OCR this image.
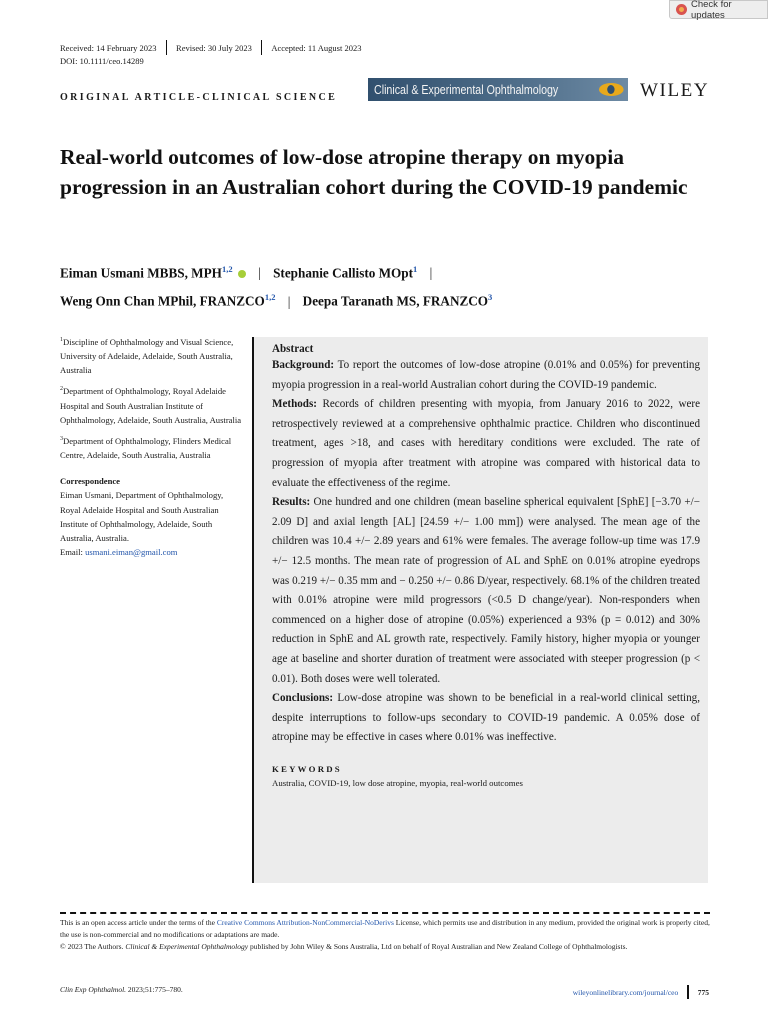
Check for updates
Received: 14 February 2023 Revised: 30 July 2023 Accepted: 11 August 2023
DOI: 10.1111/ceo.14289
ORIGINAL ARTICLE-CLINICAL SCIENCE
Clinical & Experimental Ophthalmology	WILEY
Real-world outcomes of low-dose atropine therapy on myopia progression in an Australian cohort during the COVID-19 pandemic
Eiman Usmani MBBS, MPH$^{1,2}$ | Stephanie Callisto MOpt$^1$ |
Weng Onn Chan MPhil, FRANZCO$^{1,2}$ | Deepa Taranath MS, FRANZCO$^3$

$^1$Discipline of Ophthalmology and Visual Science, University of Adelaide, Adelaide, South Australia, Australia

$^2$Department of Ophthalmology, Royal Adelaide Hospital and South Australian Institute of Ophthalmology, Adelaide, South Australia, Australia

$^3$Department of Ophthalmology, Flinders Medical Centre, Adelaide, South Australia, Australia

Correspondence

Eiman Usmani, Department of Ophthalmology, Royal Adelaide Hospital and South Australian Institute of Ophthalmology, Adelaide, South Australia, Australia.
Email: usmani.eiman@gmail.com

Abstract

Background: To report the outcomes of low-dose atropine (0.01% and 0.05%) for preventing myopia progression in a real-world Australian cohort during the COVID-19 pandemic.

Methods: Records of children presenting with myopia, from January 2016 to 2022, were retrospectively reviewed at a comprehensive ophthalmic practice. Children who discontinued treatment, ages >18, and cases with hereditary conditions were excluded. The rate of progression of myopia after treatment with atropine was compared with historical data to evaluate the effectiveness of the regime.

Results: One hundred and one children (mean baseline spherical equivalent [SphE] [−3.70 +/− 2.09 D] and axial length [AL] [24.59 +/− 1.00 mm]) were analysed. The mean age of the children was 10.4 +/− 2.89 years and 61% were females. The average follow-up time was 17.9 +/− 12.5 months. The mean rate of progression of AL and SphE on 0.01% atropine eyedrops was 0.219 +/− 0.35 mm and − 0.250 +/− 0.86 D/year, respectively. 68.1% of the children treated with 0.01% atropine were mild progressors (<0.5 D change/year). Non-responders when commenced on a higher dose of atropine (0.05%) experienced a 93% (p = 0.012) and 30% reduction in SphE and AL growth rate, respectively. Family history, higher myopia or younger age at baseline and shorter duration of treatment were associated with steeper progression (p < 0.01). Both doses were well tolerated.

Conclusions: Low-dose atropine was shown to be beneficial in a real-world clinical setting, despite interruptions to follow-ups secondary to COVID-19 pandemic. A 0.05% dose of atropine may be effective in cases where 0.01% was ineffective.

KEYWORDS

Australia, COVID-19, low dose atropine, myopia, real-world outcomes

This is an open access article under the terms of the Creative Commons Attribution-NonCommercial-NoDerivs License, which permits use and distribution in any medium, provided the original work is properly cited, the use is non-commercial and no modifications or adaptations are made.
© 2023 The Authors. Clinical & Experimental Ophthalmology published by John Wiley & Sons Australia, Ltd on behalf of Royal Australian and New Zealand College of Ophthalmologists.
Clin Exp Ophthalmol. 2023;51:775–780.	wileyonlinelibrary.com/journal/ceo	775
